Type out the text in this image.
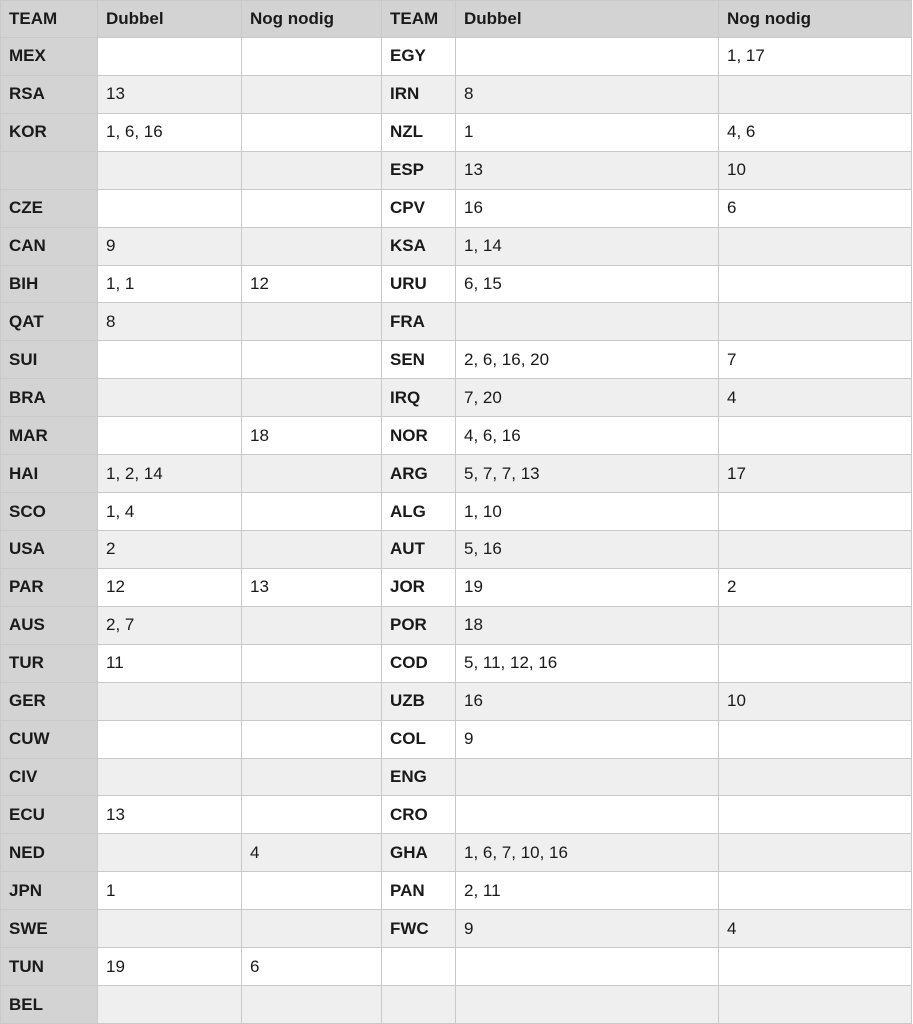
TEAM	Dubbel	Nog nodig	TEAM	Dubbel	Nog nodig
MEX			EGY		1, 17
RSA	13		IRN	8	
KOR	1, 6, 16		NZL	1	4, 6
			ESP	13	10
CZE			CPV	16	6
CAN	9		KSA	1, 14	
BIH	1, 1	12	URU	6, 15	
QAT	8		FRA		
SUI			SEN	2, 6, 16, 20	7
BRA			IRQ	7, 20	4
MAR		18	NOR	4, 6, 16	
HAI	1, 2, 14		ARG	5, 7, 7, 13	17
SCO	1, 4		ALG	1, 10	
USA	2		AUT	5, 16	
PAR	12	13	JOR	19	2
AUS	2, 7		POR	18	
TUR	11		COD	5, 11, 12, 16	
GER			UZB	16	10
CUW			COL	9	
CIV			ENG		
ECU	13		CRO		
NED		4	GHA	1, 6, 7, 10, 16	
JPN	1		PAN	2, 11	
SWE			FWC	9	4
TUN	19	6			
BEL					
